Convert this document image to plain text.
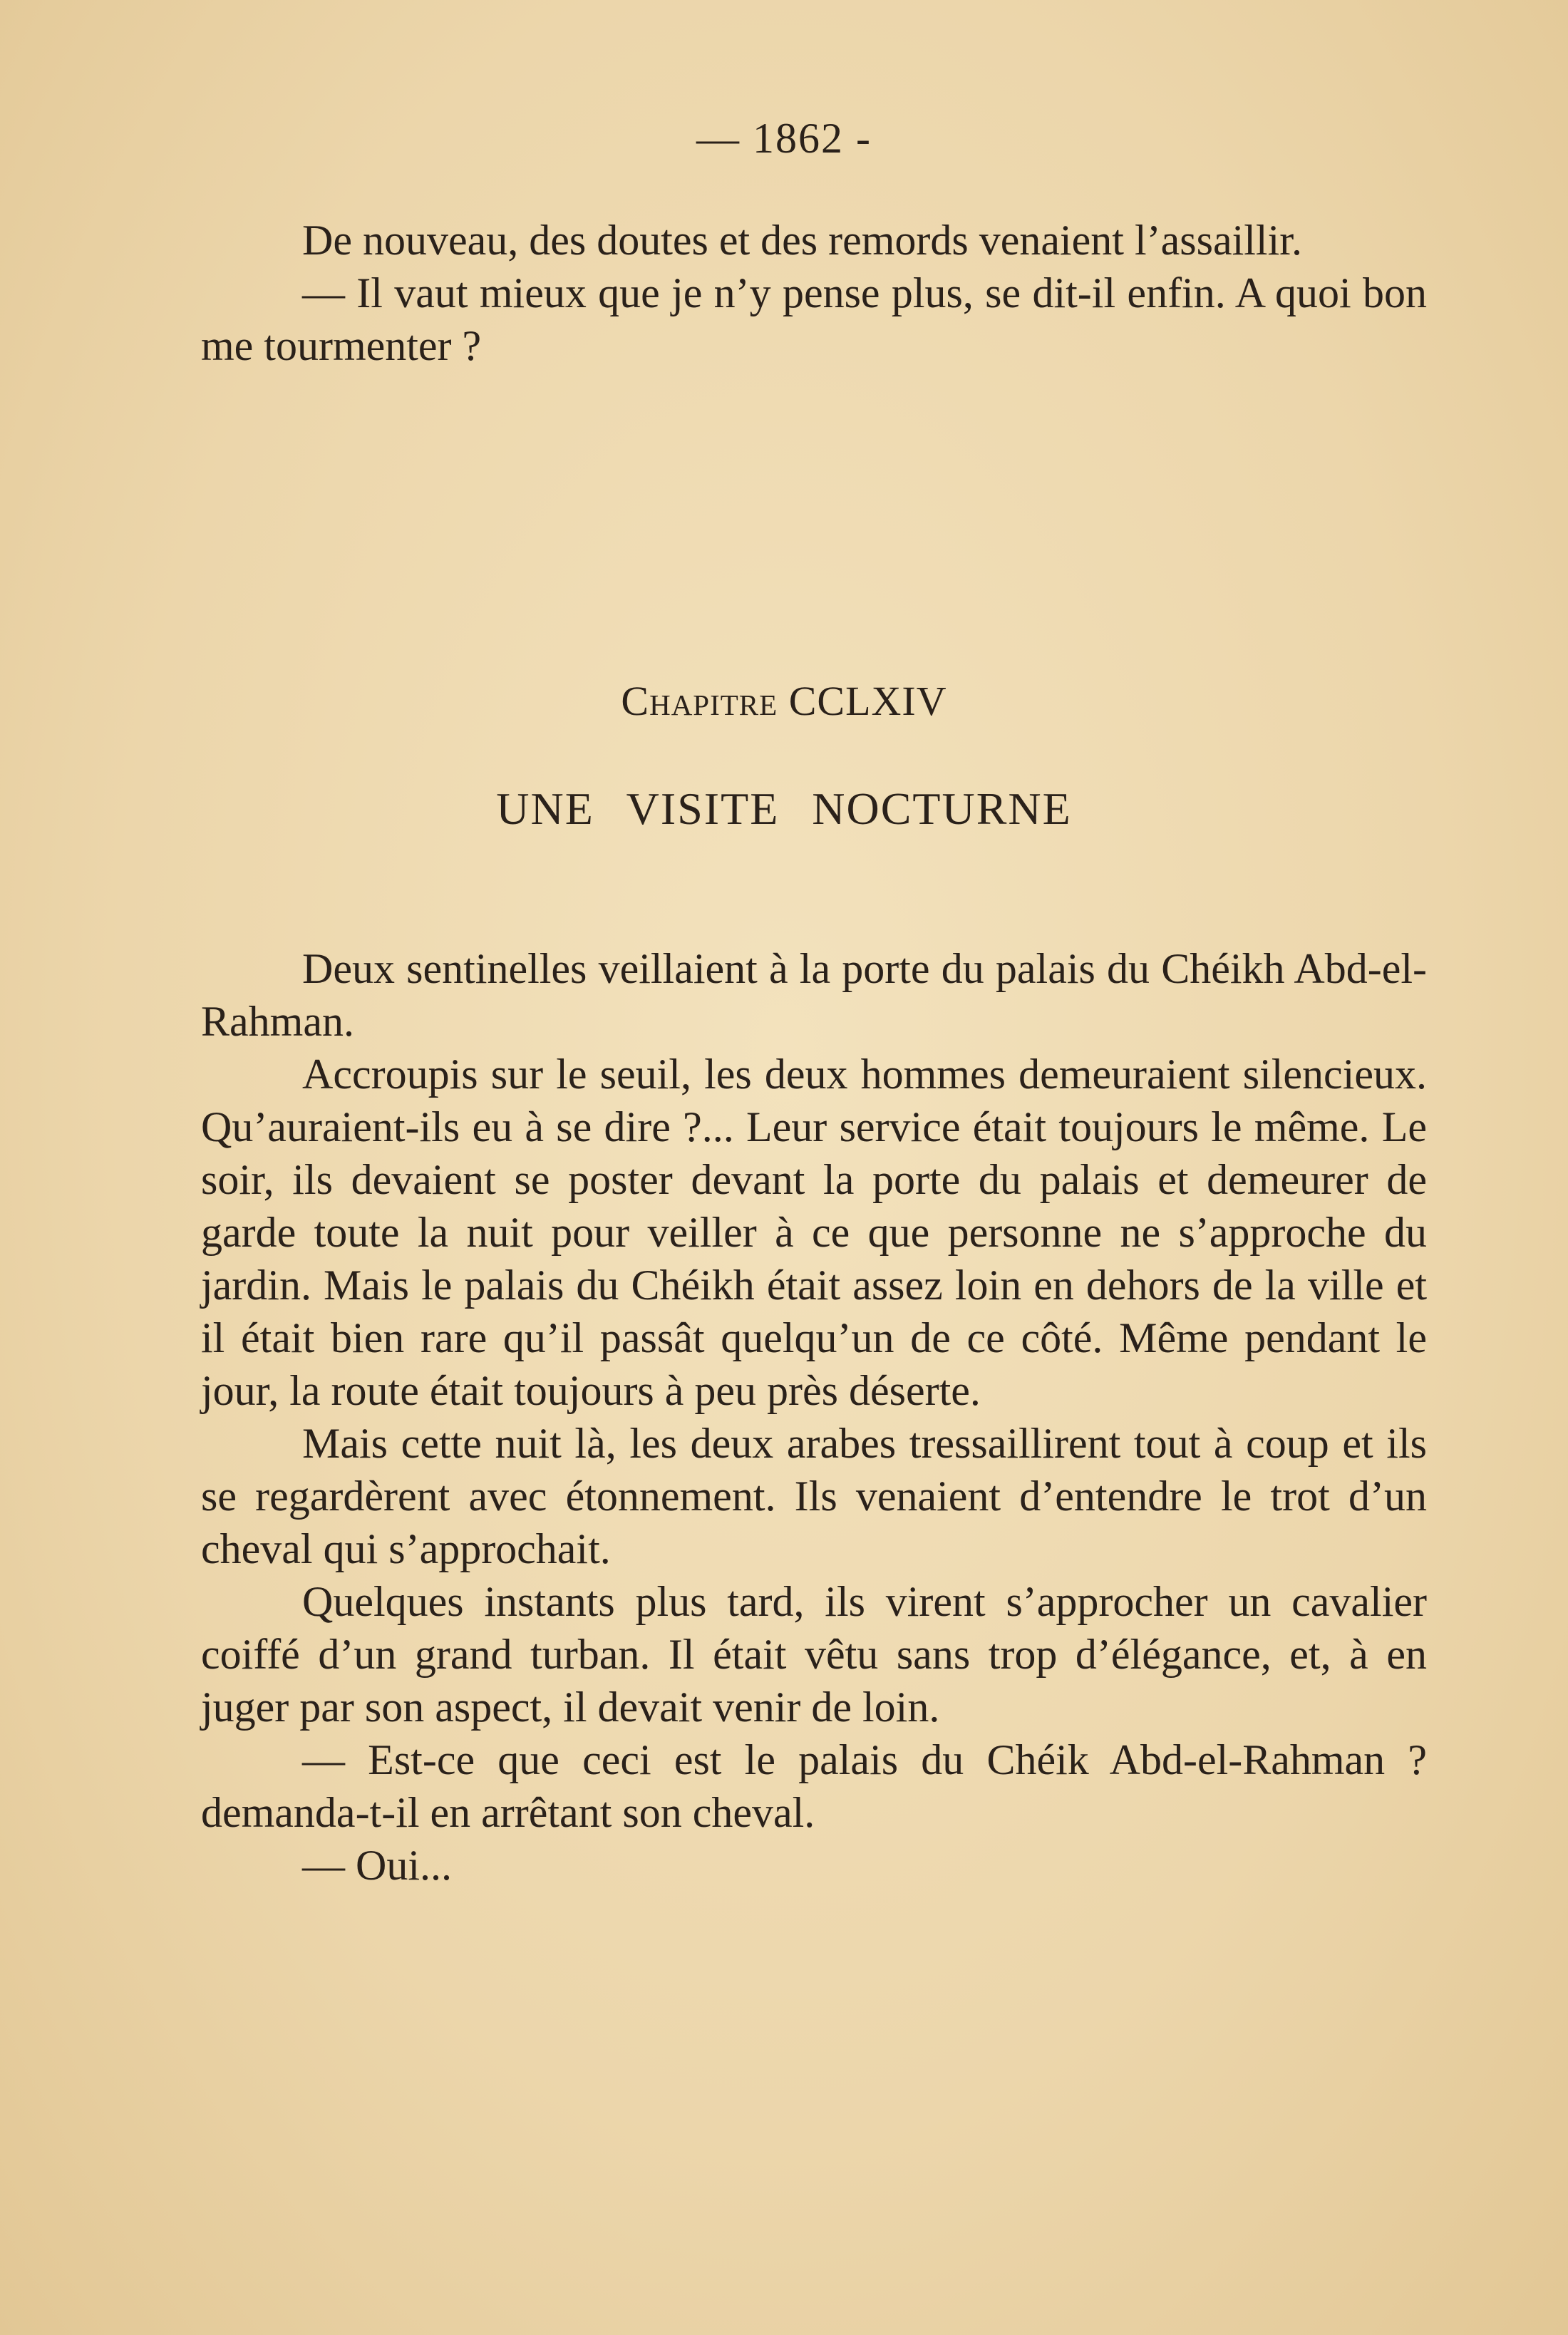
— 1862 -

De nouveau, des doutes et des remords venaient l’assaillir.

— Il vaut mieux que je n’y pense plus, se dit-il enfin. A quoi bon me tourmenter ?

Chapitre CCLXIV
UNE VISITE NOCTURNE

Deux sentinelles veillaient à la porte du palais du Chéikh Abd-el-Rahman.

Accroupis sur le seuil, les deux hommes demeuraient silencieux. Qu’auraient-ils eu à se dire ?... Leur service était toujours le même. Le soir, ils devaient se poster devant la porte du palais et demeurer de garde toute la nuit pour veiller à ce que personne ne s’approche du jardin. Mais le palais du Chéikh était assez loin en dehors de la ville et il était bien rare qu’il passât quelqu’un de ce côté. Même pendant le jour, la route était toujours à peu près déserte.

Mais cette nuit là, les deux arabes tressaillirent tout à coup et ils se regardèrent avec étonnement. Ils venaient d’entendre le trot d’un cheval qui s’approchait.

Quelques instants plus tard, ils virent s’approcher un cavalier coiffé d’un grand turban. Il était vêtu sans trop d’élégance, et, à en juger par son aspect, il devait venir de loin.

— Est-ce que ceci est le palais du Chéik Abd-el-Rahman ? demanda-t-il en arrêtant son cheval.

— Oui...
